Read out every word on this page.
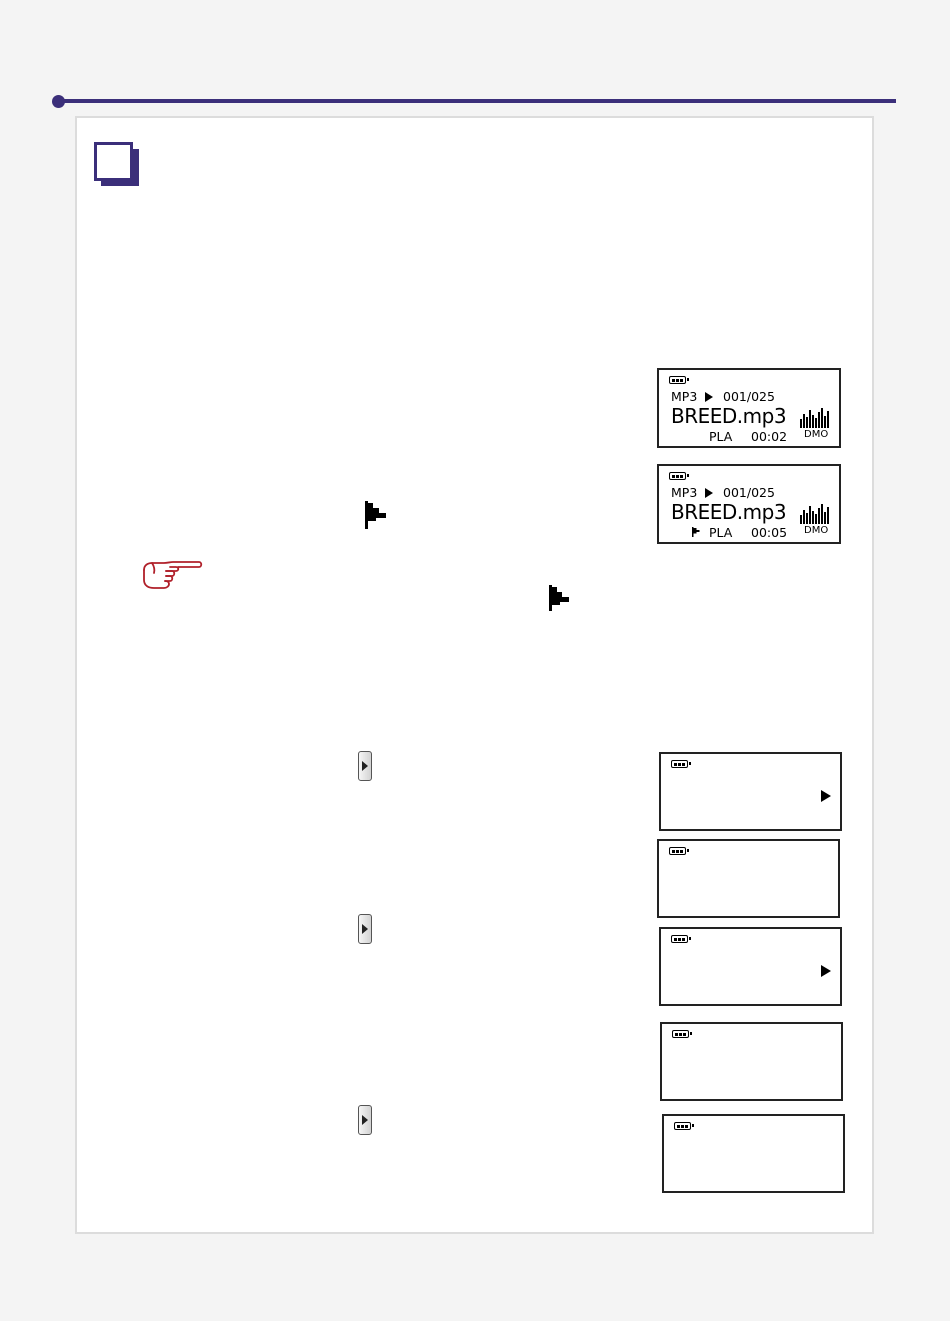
MP3 001/025
BREED.mp3
PLA 00:02 DMO
MP3 001/025
BREED.mp3
PLA 00:05 DMO
